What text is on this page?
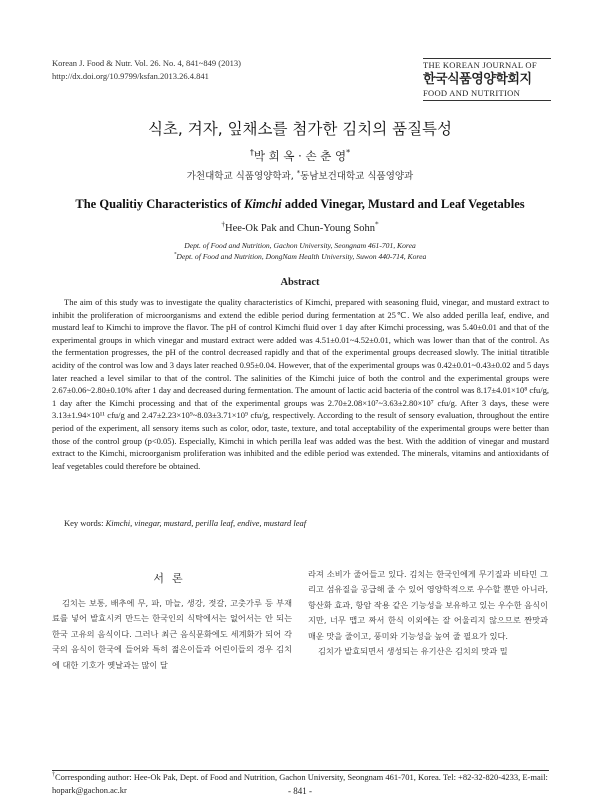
Korean J. Food & Nutr. Vol. 26. No. 4, 841~849 (2013)
http://dx.doi.org/10.9799/ksfan.2013.26.4.841
THE KOREAN JOURNAL OF
한국식품영양학회지
FOOD AND NUTRITION
식초, 겨자, 잎채소를 첨가한 김치의 품질특성
†박 희 옥 · 손 춘 영*
가천대학교 식품영양학과, *동남보건대학교 식품영양과
The Qualitiy Characteristics of Kimchi added Vinegar, Mustard and Leaf Vegetables
†Hee-Ok Pak and Chun-Young Sohn*
Dept. of Food and Nutrition, Gachon University, Seongnam 461-701, Korea
*Dept. of Food and Nutrition, DongNam Health University, Suwon 440-714, Korea
Abstract

The aim of this study was to investigate the quality characteristics of Kimchi, prepared with seasoning fluid, vinegar, and mustard extract to inhibit the proliferation of microorganisms and extend the edible period during fermentation at 25℃. We also added perilla leaf, endive, and mustard leaf to Kimchi to improve the flavor. The pH of control Kimchi fluid over 1 day after Kimchi processing, was 5.40±0.01 and that of the experimental groups in which vinegar and mustard extract were added was 4.51±0.01~4.52±0.01, which was lower than that of the control. As the fermentation progresses, the pH of the control decreased rapidly and that of the experimental groups decreased slowly. The initial titratible acidity of the control was low and 3 days later reached 0.95±0.04. However, that of the experimental groups was 0.42±0.01~0.43±0.02 and 5 days later reached a level similar to that of the control. The salinities of the Kimchi juice of both the control and the experimental groups were 2.67±0.06~2.80±0.10% after 1 day and decreased during fermentation. The amount of lactic acid bacteria of the control was 8.17±4.01×10⁸ cfu/g, 1 day after the Kimchi processing and that of the experimental groups was 2.70±2.08×10⁷~3.63±2.80×10⁷ cfu/g. After 3 days, these were 3.13±1.94×10¹¹ cfu/g and 2.47±2.23×10⁹~8.03±3.71×10⁹ cfu/g, respectively. According to the result of sensory evaluation, throughout the entire period of the experiment, all sensory items such as color, odor, taste, texture, and total acceptability of the experimental groups were better than those of the control group (p<0.05). Especially, Kimchi in which perilla leaf was added was the best. With the addition of vinegar and mustard extract to the Kimchi, microorganism proliferation was inhibited and the edible period was extended. The minerals, vitamins and antioxidants of leaf vegetables could therefore be obtained.

Key words: Kimchi, vinegar, mustard, perilla leaf, endive, mustard leaf
서론

김치는 보통, 배추에 무, 파, 마늘, 생강, 젓갈, 고춧가루 등 부재료를 넣어 발효시켜 만드는 한국인의 식탁에서는 없어서는 안 되는 한국 고유의 음식이다. 그러나 최근 음식문화에도 세계화가 되어 각국의 음식이 한국에 들어와 특히 젊은이들과 어린이들의 경우 김치에 대한 기호가 옛날과는 많이 달

라져 소비가 줄어들고 있다. 김치는 한국인에게 무기질과 비타민 그리고 섬유질을 공급해 줄 수 있어 영양학적으로 우수할 뿐만 아니라, 항산화 효과, 항암 작용 같은 기능성을 보유하고 있는 우수한 음식이지만, 너무 맵고 짜서 한식 이외에는 잘 어울리지 않으므로 짠맛과 매운 맛을 줄이고, 풍미와 기능성을 높여 줄 필요가 있다.

김치가 발효되면서 생성되는 유기산은 김치의 맛과 밀

†Corresponding author: Hee-Ok Pak, Dept. of Food and Nutrition, Gachon University, Seongnam 461-701, Korea. Tel: +82-32-820-4233, E-mail: hopark@gachon.ac.kr	- 841 -
